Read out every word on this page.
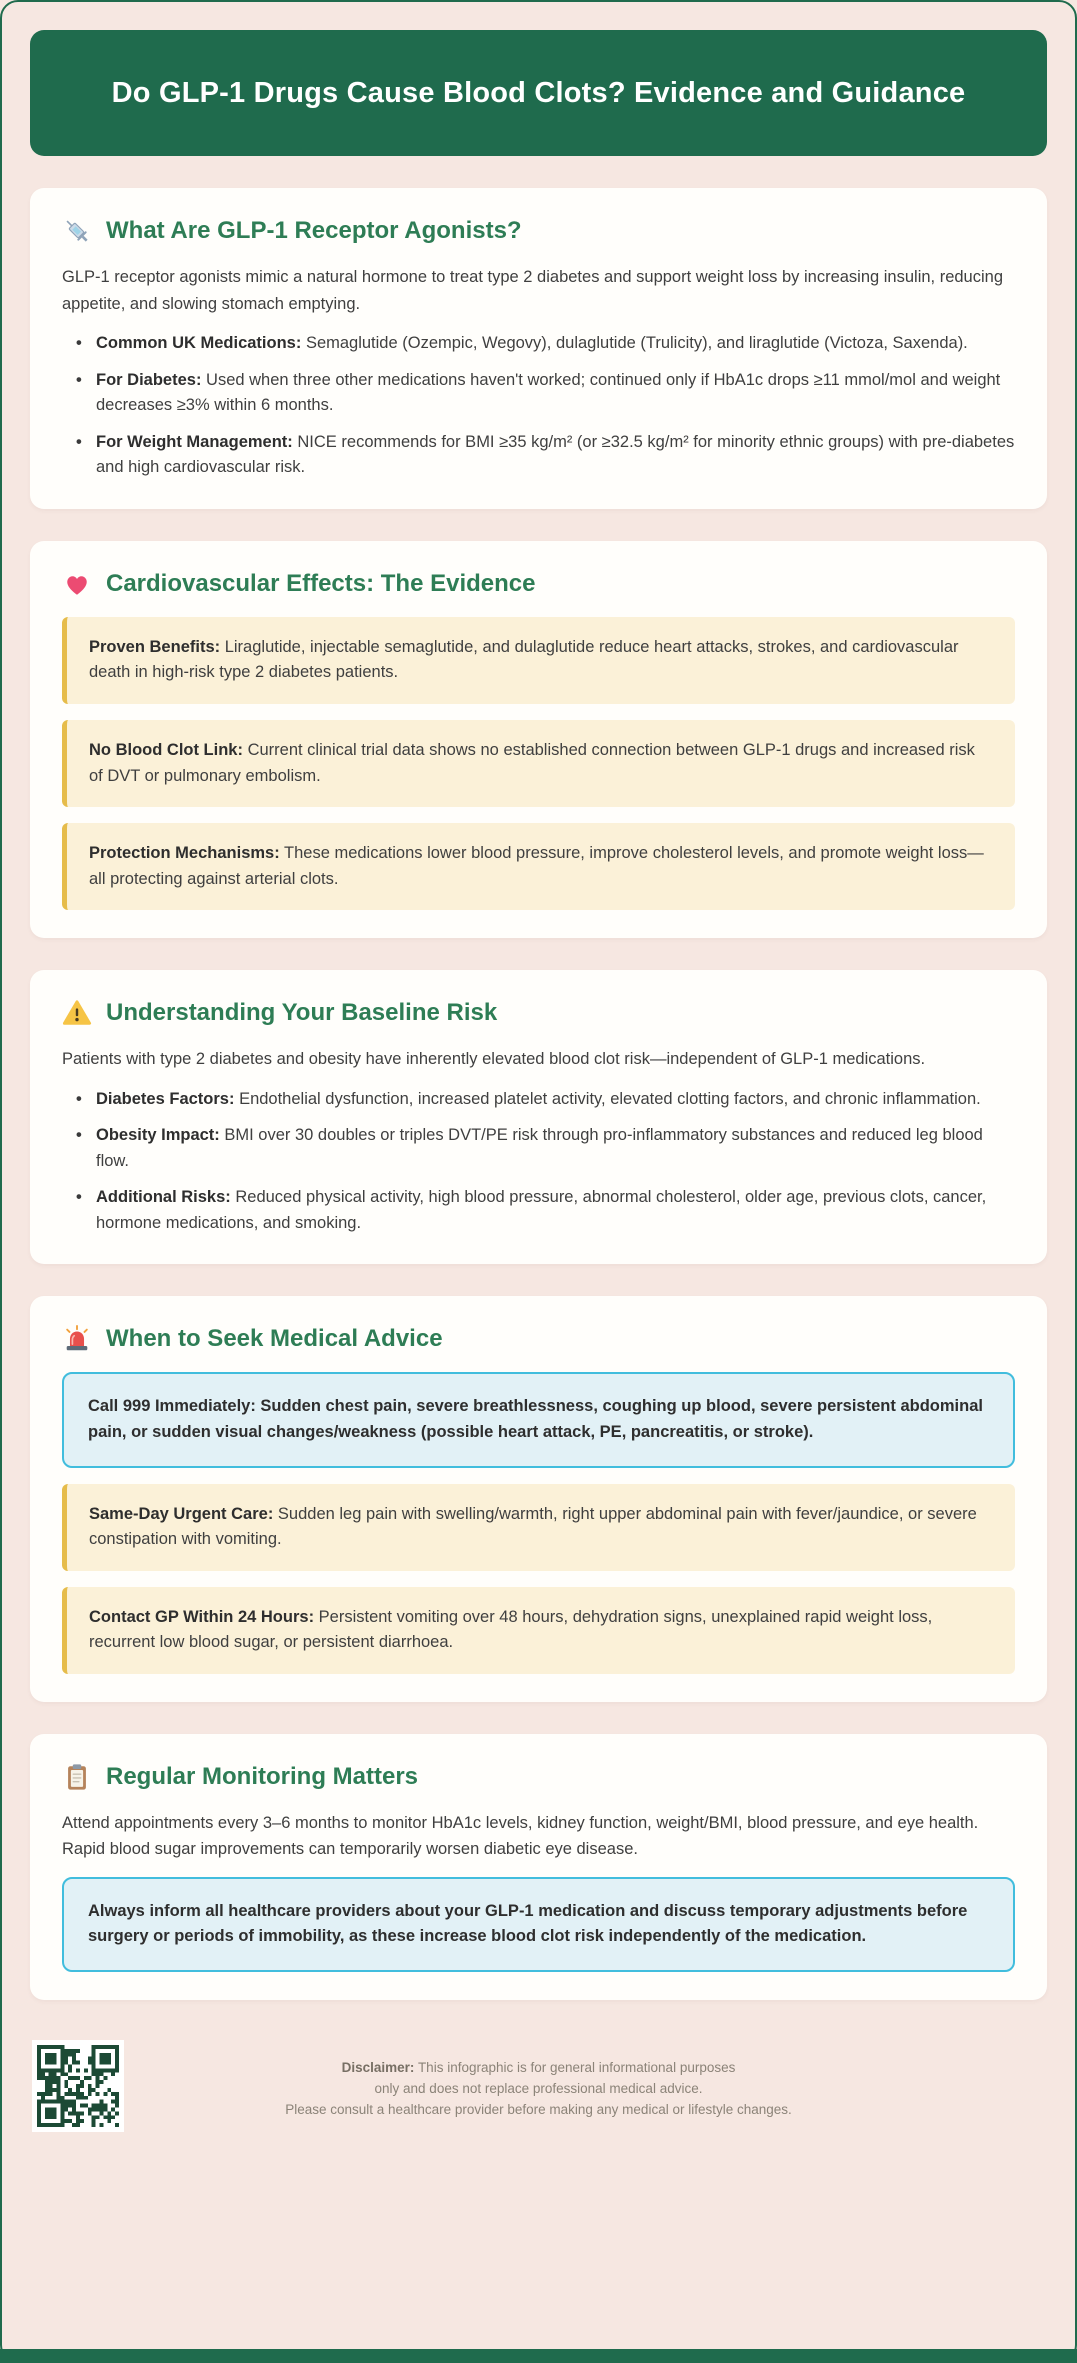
Do GLP-1 Drugs Cause Blood Clots? Evidence and Guidance
What Are GLP-1 Receptor Agonists?

GLP-1 receptor agonists mimic a natural hormone to treat type 2 diabetes and support weight loss by increasing insulin, reducing appetite, and slowing stomach emptying.

• Common UK Medications: Semaglutide (Ozempic, Wegovy), dulaglutide (Trulicity), and liraglutide (Victoza, Saxenda).
• For Diabetes: Used when three other medications haven't worked; continued only if HbA1c drops ≥11 mmol/mol and weight decreases ≥3% within 6 months.
• For Weight Management: NICE recommends for BMI ≥35 kg/m² (or ≥32.5 kg/m² for minority ethnic groups) with pre-diabetes and high cardiovascular risk.
Cardiovascular Effects: The Evidence
Proven Benefits: Liraglutide, injectable semaglutide, and dulaglutide reduce heart attacks, strokes, and cardiovascular death in high-risk type 2 diabetes patients.
No Blood Clot Link: Current clinical trial data shows no established connection between GLP-1 drugs and increased risk of DVT or pulmonary embolism.
Protection Mechanisms: These medications lower blood pressure, improve cholesterol levels, and promote weight loss—all protecting against arterial clots.
Understanding Your Baseline Risk

Patients with type 2 diabetes and obesity have inherently elevated blood clot risk—independent of GLP-1 medications.

• Diabetes Factors: Endothelial dysfunction, increased platelet activity, elevated clotting factors, and chronic inflammation.
• Obesity Impact: BMI over 30 doubles or triples DVT/PE risk through pro-inflammatory substances and reduced leg blood flow.
• Additional Risks: Reduced physical activity, high blood pressure, abnormal cholesterol, older age, previous clots, cancer, hormone medications, and smoking.
When to Seek Medical Advice
Call 999 Immediately: Sudden chest pain, severe breathlessness, coughing up blood, severe persistent abdominal pain, or sudden visual changes/weakness (possible heart attack, PE, pancreatitis, or stroke).
Same-Day Urgent Care: Sudden leg pain with swelling/warmth, right upper abdominal pain with fever/jaundice, or severe constipation with vomiting.
Contact GP Within 24 Hours: Persistent vomiting over 48 hours, dehydration signs, unexplained rapid weight loss, recurrent low blood sugar, or persistent diarrhoea.
Regular Monitoring Matters

Attend appointments every 3–6 months to monitor HbA1c levels, kidney function, weight/BMI, blood pressure, and eye health. Rapid blood sugar improvements can temporarily worsen diabetic eye disease.

Always inform all healthcare providers about your GLP-1 medication and discuss temporary adjustments before surgery or periods of immobility, as these increase blood clot risk independently of the medication.

Disclaimer: This infographic is for general informational purposes only and does not replace professional medical advice.

Please consult a healthcare provider before making any medical or lifestyle changes.
